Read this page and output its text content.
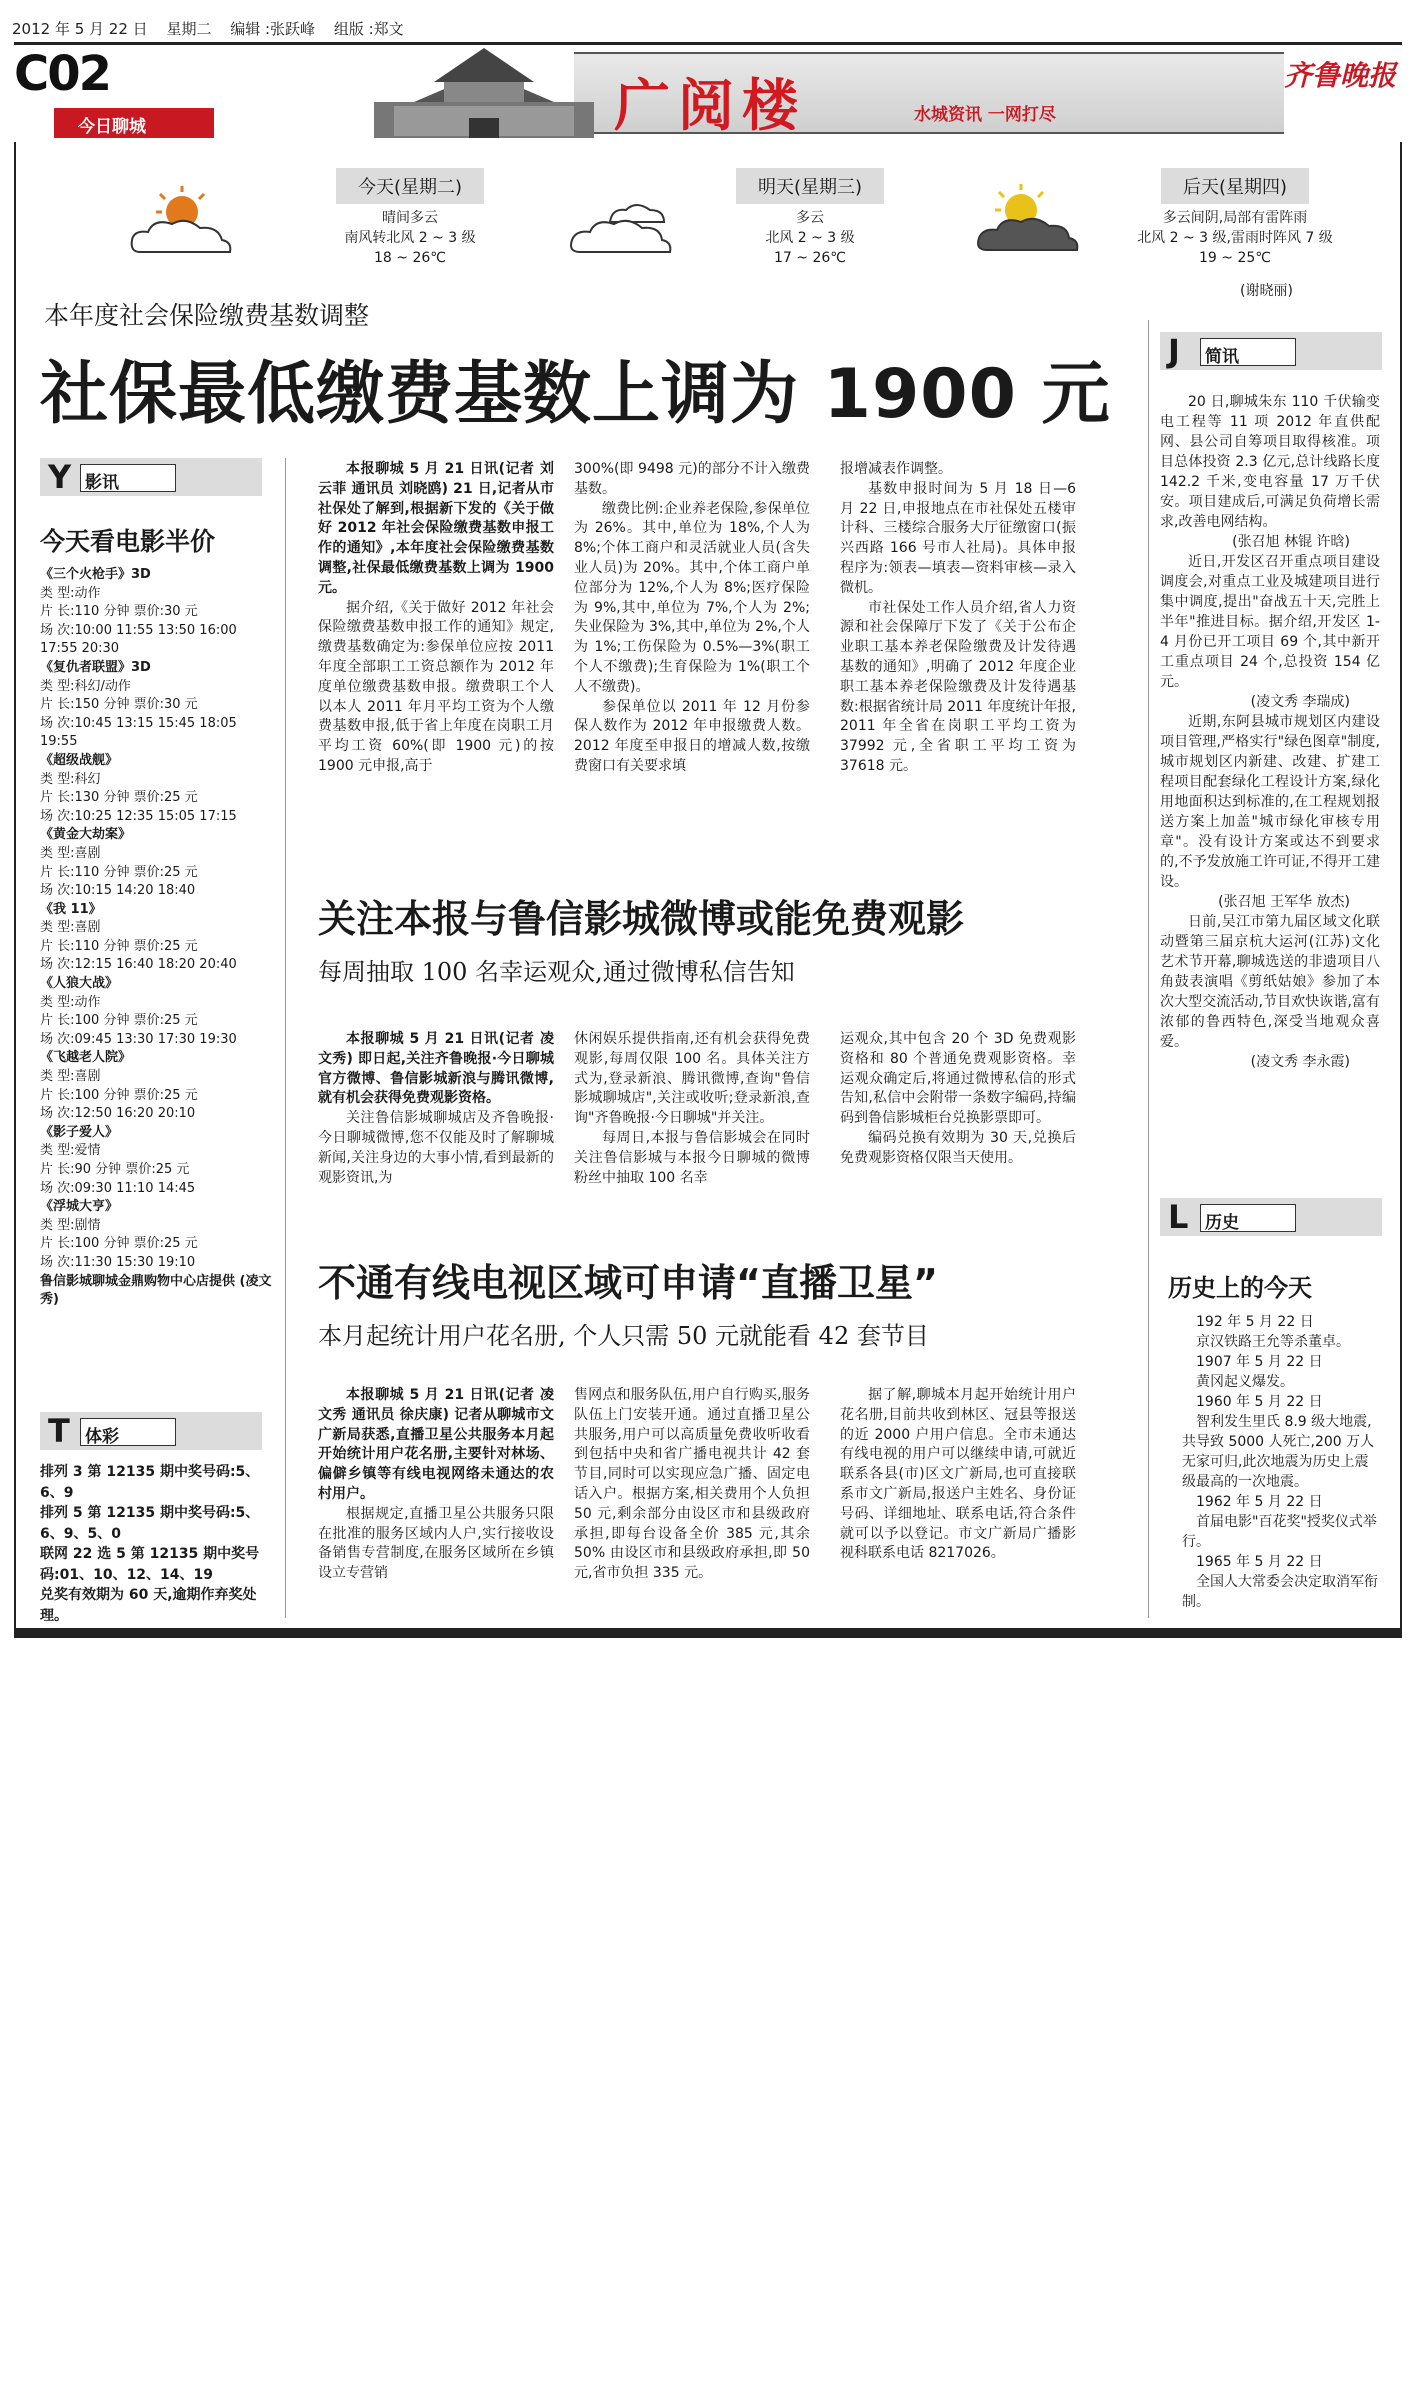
2012 年 5 月 22 日 星期二 编辑 :张跃峰 组版 :郑文
C02
今日聊城	广阅楼	水城资讯 一网打尽
齐鲁晚报
今天(星期二)
晴间多云
南风转北风 2 ~ 3 级
18 ~ 26℃
明天(星期三)
多云
北风 2 ~ 3 级
17 ~ 26℃
后天(星期四)
多云间阴,局部有雷阵雨
北风 2 ~ 3 级,雷雨时阵风 7 级
19 ~ 25℃
(谢晓丽)
本年度社会保险缴费基数调整
社保最低缴费基数上调为 1900 元
Y 影讯
今天看电影半价
《三个火枪手》3D
类 型:动作
片 长:110 分钟 票价:30 元
场 次:10:00 11:55 13:50 16:00 17:55 20:30
《复仇者联盟》3D
类 型:科幻/动作
片 长:150 分钟 票价:30 元
场 次:10:45 13:15 15:45 18:05 19:55
《超级战舰》
类 型:科幻
片 长:130 分钟 票价:25 元
场 次:10:25 12:35 15:05 17:15
《黄金大劫案》
类 型:喜剧
片 长:110 分钟 票价:25 元
场 次:10:15 14:20 18:40
《我 11》
类 型:喜剧
片 长:110 分钟 票价:25 元
场 次:12:15 16:40 18:20 20:40
《人狼大战》
类 型:动作
片 长:100 分钟 票价:25 元
场 次:09:45 13:30 17:30 19:30
《飞越老人院》
类 型:喜剧
片 长:100 分钟 票价:25 元
场 次:12:50 16:20 20:10
《影子爱人》
类 型:爱情
片 长:90 分钟 票价:25 元
场 次:09:30 11:10 14:45
《浮城大亨》
类 型:剧情
片 长:100 分钟 票价:25 元
场 次:11:30 15:30 19:10
鲁信影城聊城金鼎购物中心店提供 (凌文秀)
T 体彩
排列 3 第 12135 期中奖号码:5、6、9
排列 5 第 12135 期中奖号码:5、6、9、5、0
联网 22 选 5 第 12135 期中奖号码:01、10、12、14、19
兑奖有效期为 60 天,逾期作弃奖处理。

本报聊城 5 月 21 日讯(记者 刘云菲 通讯员 刘晓鸥) 21 日,记者从市社保处了解到,根据新下发的《关于做好 2012 年社会保险缴费基数申报工作的通知》,本年度社会保险缴费基数调整,社保最低缴费基数上调为 1900 元。

据介绍,《关于做好 2012 年社会保险缴费基数申报工作的通知》规定,缴费基数确定为:参保单位应按 2011 年度全部职工工资总额作为 2012 年度单位缴费基数申报。缴费职工个人以本人 2011 年月平均工资为个人缴费基数申报,低于省上年度在岗职工月平均工资 60%(即 1900 元)的按 1900 元申报,高于

300%(即 9498 元)的部分不计入缴费基数。

缴费比例:企业养老保险,参保单位为 26%。其中,单位为 18%,个人为 8%;个体工商户和灵活就业人员(含失业人员)为 20%。其中,个体工商户单位部分为 12%,个人为 8%;医疗保险为 9%,其中,单位为 7%,个人为 2%;失业保险为 3%,其中,单位为 2%,个人为 1%;工伤保险为 0.5%—3%(职工个人不缴费);生育保险为 1%(职工个人不缴费)。

参保单位以 2011 年 12 月份参保人数作为 2012 年申报缴费人数。2012 年度至申报日的增减人数,按缴费窗口有关要求填

报增减表作调整。

基数申报时间为 5 月 18 日—6 月 22 日,申报地点在市社保处五楼审计科、三楼综合服务大厅征缴窗口(振兴西路 166 号市人社局)。具体申报程序为:领表—填表—资料审核—录入微机。

市社保处工作人员介绍,省人力资源和社会保障厅下发了《关于公布企业职工基本养老保险缴费及计发待遇基数的通知》,明确了 2012 年度企业职工基本养老保险缴费及计发待遇基数:根据省统计局 2011 年度统计年报, 2011 年全省在岗职工平均工资为 37992 元,全省职工平均工资为 37618 元。

关注本报与鲁信影城微博或能免费观影
每周抽取 100 名幸运观众,通过微博私信告知

本报聊城 5 月 21 日讯(记者 凌文秀) 即日起,关注齐鲁晚报·今日聊城官方微博、鲁信影城新浪与腾讯微博,就有机会获得免费观影资格。

关注鲁信影城聊城店及齐鲁晚报·今日聊城微博,您不仅能及时了解聊城新闻,关注身边的大事小情,看到最新的观影资讯,为

休闲娱乐提供指南,还有机会获得免费观影,每周仅限 100 名。具体关注方式为,登录新浪、腾讯微博,查询"鲁信影城聊城店",关注或收听;登录新浪,查询"齐鲁晚报·今日聊城"并关注。

每周日,本报与鲁信影城会在同时关注鲁信影城与本报今日聊城的微博粉丝中抽取 100 名幸

运观众,其中包含 20 个 3D 免费观影资格和 80 个普通免费观影资格。幸运观众确定后,将通过微博私信的形式告知,私信中会附带一条数字编码,持编码到鲁信影城柜台兑换影票即可。

编码兑换有效期为 30 天,兑换后免费观影资格仅限当天使用。

不通有线电视区域可申请“直播卫星”
本月起统计用户花名册, 个人只需 50 元就能看 42 套节目

本报聊城 5 月 21 日讯(记者 凌文秀 通讯员 徐庆康) 记者从聊城市文广新局获悉,直播卫星公共服务本月起开始统计用户花名册,主要针对林场、偏僻乡镇等有线电视网络未通达的农村用户。

根据规定,直播卫星公共服务只限在批准的服务区域内人户,实行接收设备销售专营制度,在服务区域所在乡镇设立专营销

售网点和服务队伍,用户自行购买,服务队伍上门安装开通。通过直播卫星公共服务,用户可以高质量免费收听收看到包括中央和省广播电视共计 42 套节目,同时可以实现应急广播、固定电话入户。根据方案,相关费用个人负担 50 元,剩余部分由设区市和县级政府承担,即每台设备全价 385 元,其余 50% 由设区市和县级政府承担,即 50 元,省市负担 335 元。

据了解,聊城本月起开始统计用户花名册,目前共收到林区、冠县等报送的近 2000 户用户信息。全市未通达有线电视的用户可以继续申请,可就近联系各县(市)区文广新局,也可直接联系市文广新局,报送户主姓名、身份证号码、详细地址、联系电话,符合条件就可以予以登记。市文广新局广播影视科联系电话 8217026。

J 简讯

20 日,聊城朱东 110 千伏输变电工程等 11 项 2012 年直供配网、县公司自筹项目取得核准。项目总体投资 2.3 亿元,总计线路长度 142.2 千米,变电容量 17 万千伏安。项目建成后,可满足负荷增长需求,改善电网结构。

(张召旭 林锟 许晗)

近日,开发区召开重点项目建设调度会,对重点工业及城建项目进行集中调度,提出"奋战五十天,完胜上半年"推进目标。据介绍,开发区 1-4 月份已开工项目 69 个,其中新开工重点项目 24 个,总投资 154 亿元。

(凌文秀 李瑞成)

近期,东阿县城市规划区内建设项目管理,严格实行"绿色图章"制度,城市规划区内新建、改建、扩建工程项目配套绿化工程设计方案,绿化用地面积达到标准的,在工程规划报送方案上加盖"城市绿化审核专用章"。没有设计方案或达不到要求的,不予发放施工许可证,不得开工建设。

(张召旭 王军华 放杰)

日前,吴江市第九届区域文化联动暨第三届京杭大运河(江苏)文化艺术节开幕,聊城选送的非遗项目八角鼓表演唱《剪纸姑娘》参加了本次大型交流活动,节目欢快诙谐,富有浓郁的鲁西特色,深受当地观众喜爱。

(凌文秀 李永霞)

L 历史
历史上的今天
192 年 5 月 22 日
京汉铁路王允等杀董卓。
1907 年 5 月 22 日
黄冈起义爆发。
1960 年 5 月 22 日
智利发生里氏 8.9 级大地震,共导致 5000 人死亡,200 万人无家可归,此次地震为历史上震级最高的一次地震。
1962 年 5 月 22 日
首届电影"百花奖"授奖仪式举行。
1965 年 5 月 22 日
全国人大常委会决定取消军衔制。
